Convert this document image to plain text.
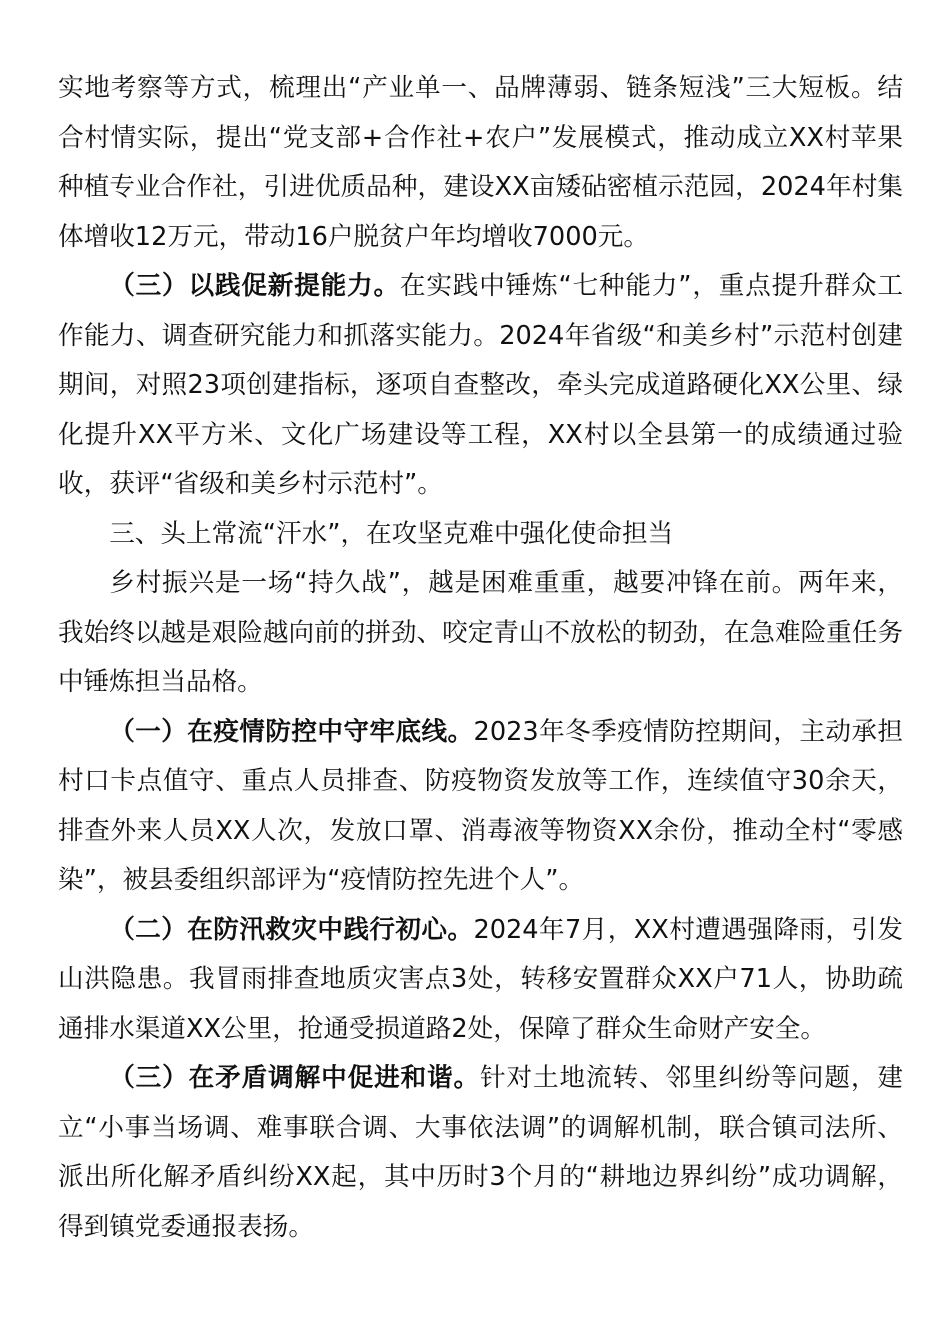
实地考察等方式，梳理出“产业单一、品牌薄弱、链条短浅”三大短板。结合村情实际，提出“党支部+合作社+农户”发展模式，推动成立XX村苹果种植专业合作社，引进优质品种，建设XX亩矮砧密植示范园，2024年村集体增收12万元，带动16户脱贫户年均增收7000元。

（三）以践促新提能力。在实践中锤炼“七种能力”，重点提升群众工作能力、调查研究能力和抓落实能力。2024年省级“和美乡村”示范村创建期间，对照23项创建指标，逐项自查整改，牵头完成道路硬化XX公里、绿化提升XX平方米、文化广场建设等工程，XX村以全县第一的成绩通过验收，获评“省级和美乡村示范村”。

三、头上常流“汗水”，在攻坚克难中强化使命担当

乡村振兴是一场“持久战”，越是困难重重，越要冲锋在前。两年来，我始终以越是艰险越向前的拼劲、咬定青山不放松的韧劲，在急难险重任务中锤炼担当品格。

（一）在疫情防控中守牢底线。2023年冬季疫情防控期间，主动承担村口卡点值守、重点人员排查、防疫物资发放等工作，连续值守30余天，排查外来人员XX人次，发放口罩、消毒液等物资XX余份，推动全村“零感染”，被县委组织部评为“疫情防控先进个人”。

（二）在防汛救灾中践行初心。2024年7月，XX村遭遇强降雨，引发山洪隐患。我冒雨排查地质灾害点3处，转移安置群众XX户71人，协助疏通排水渠道XX公里，抢通受损道路2处，保障了群众生命财产安全。

（三）在矛盾调解中促进和谐。针对土地流转、邻里纠纷等问题，建立“小事当场调、难事联合调、大事依法调”的调解机制，联合镇司法所、派出所化解矛盾纠纷XX起，其中历时3个月的“耕地边界纠纷”成功调解，得到镇党委通报表扬。
